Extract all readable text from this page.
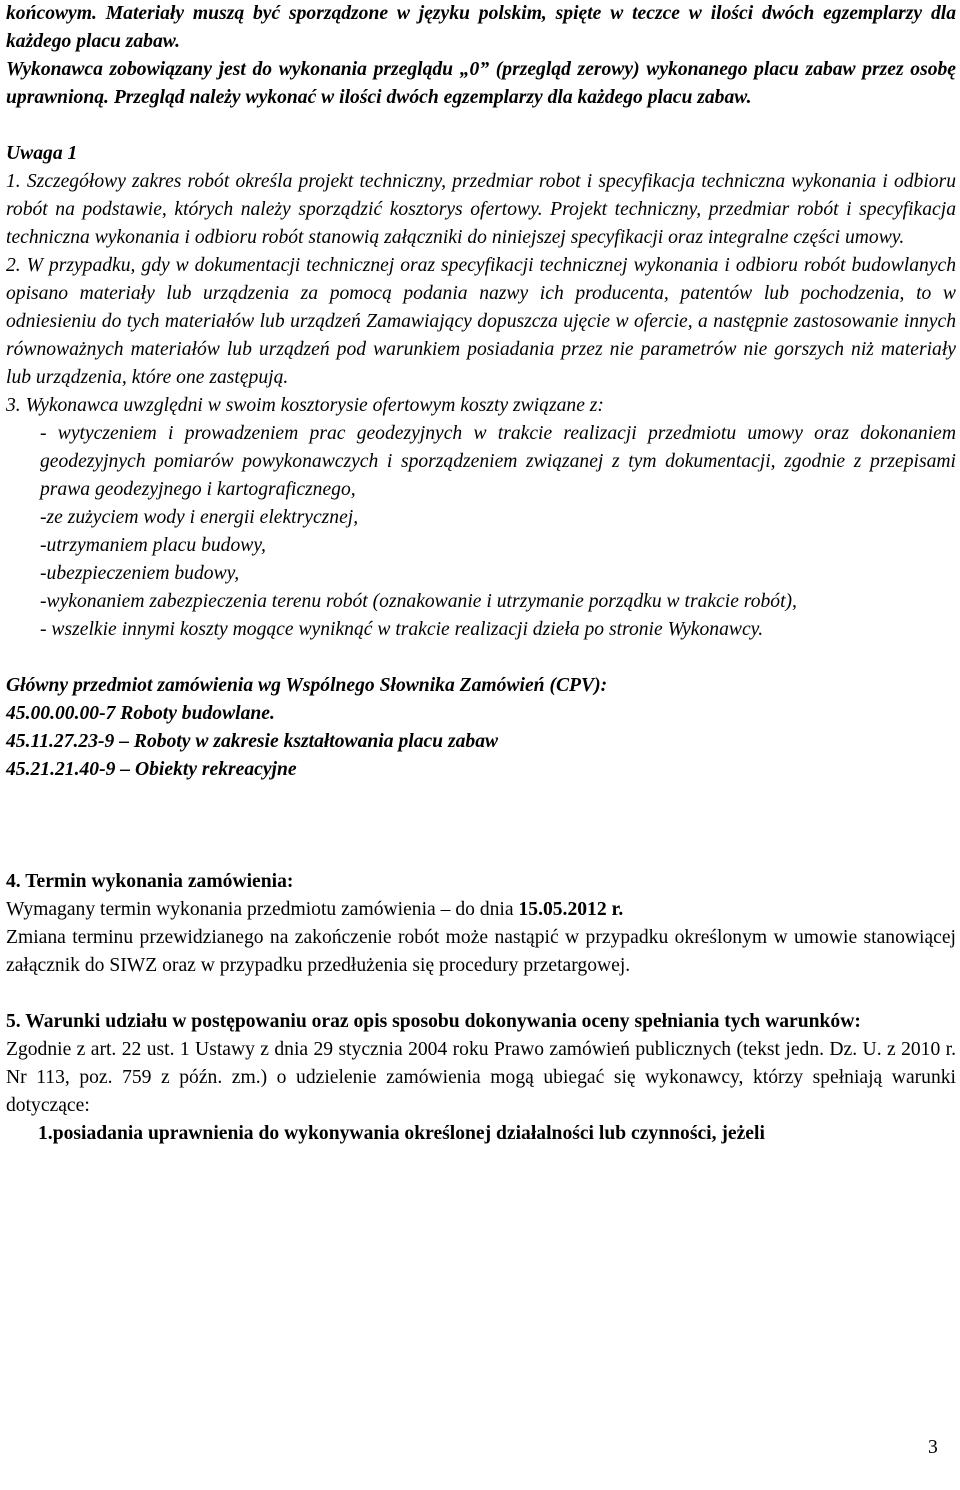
końcowym. Materiały muszą być sporządzone w języku polskim, spięte w teczce w ilości dwóch egzemplarzy dla każdego placu zabaw.

Wykonawca zobowiązany jest do wykonania przeglądu „0” (przegląd zerowy) wykonanego placu zabaw przez osobę uprawnioną. Przegląd należy wykonać w ilości dwóch egzemplarzy dla każdego placu zabaw.

Uwaga 1

1. Szczegółowy zakres robót określa projekt techniczny, przedmiar robot i specyfikacja techniczna wykonania i odbioru robót na podstawie, których należy sporządzić kosztorys ofertowy. Projekt techniczny, przedmiar robót i specyfikacja techniczna wykonania i odbioru robót stanowią załączniki do niniejszej specyfikacji oraz integralne części umowy.

2. W przypadku, gdy w dokumentacji technicznej oraz specyfikacji technicznej wykonania i odbioru robót budowlanych opisano materiały lub urządzenia za pomocą podania nazwy ich producenta, patentów lub pochodzenia, to w odniesieniu do tych materiałów lub urządzeń Zamawiający dopuszcza ujęcie w ofercie, a następnie zastosowanie innych równoważnych materiałów lub urządzeń pod warunkiem posiadania przez nie parametrów nie gorszych niż materiały lub urządzenia, które one zastępują.

3. Wykonawca uwzględni w swoim kosztorysie ofertowym koszty związane z:

- wytyczeniem i prowadzeniem prac geodezyjnych w trakcie realizacji przedmiotu umowy oraz dokonaniem geodezyjnych pomiarów powykonawczych i sporządzeniem związanej z tym dokumentacji, zgodnie z przepisami prawa geodezyjnego i kartograficznego,

-ze zużyciem wody i energii elektrycznej,

-utrzymaniem placu budowy,

-ubezpieczeniem budowy,

-wykonaniem zabezpieczenia terenu robót (oznakowanie i utrzymanie porządku w trakcie robót),

- wszelkie innymi koszty mogące wyniknąć w trakcie realizacji dzieła po stronie Wykonawcy.

Główny przedmiot zamówienia wg Wspólnego Słownika Zamówień (CPV):

45.00.00.00-7 Roboty budowlane.

45.11.27.23-9 – Roboty w zakresie kształtowania placu zabaw

45.21.21.40-9 – Obiekty rekreacyjne

4. Termin wykonania zamówienia:

Wymagany termin wykonania przedmiotu zamówienia – do dnia 15.05.2012 r.

Zmiana terminu przewidzianego na zakończenie robót może nastąpić w przypadku określonym w umowie stanowiącej załącznik do SIWZ oraz w przypadku przedłużenia się procedury przetargowej.

5. Warunki udziału w postępowaniu oraz opis sposobu dokonywania oceny spełniania tych warunków:

Zgodnie z art. 22 ust. 1 Ustawy z dnia 29 stycznia 2004 roku Prawo zamówień publicznych (tekst jedn. Dz. U. z 2010 r. Nr 113, poz. 759 z późn. zm.) o udzielenie zamówienia mogą ubiegać się wykonawcy, którzy spełniają warunki dotyczące:

1.posiadania uprawnienia do wykonywania określonej działalności lub czynności, jeżeli

3
